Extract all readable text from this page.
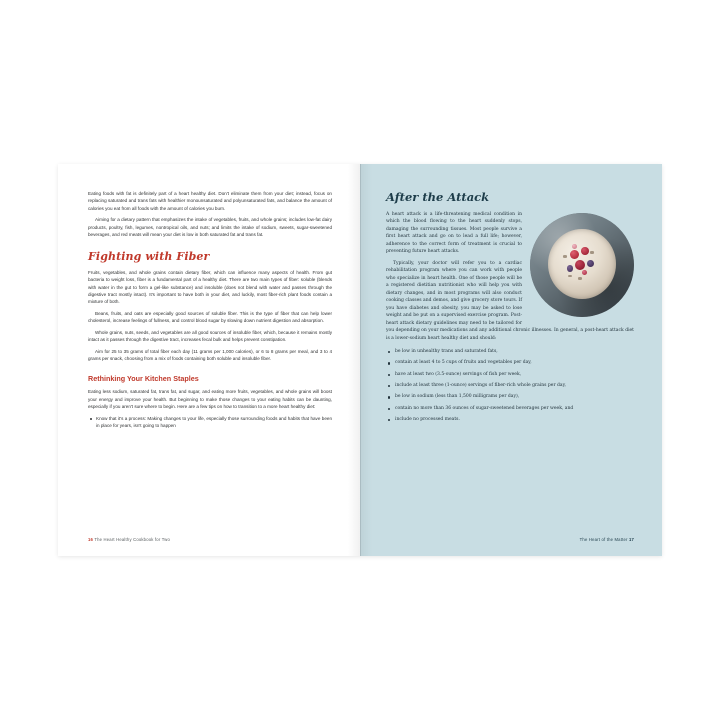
Eating foods with fat is definitely part of a heart healthy diet. Don't eliminate them from your diet; instead, focus on replacing saturated and trans fats with healthier monounsaturated and polyunsaturated fats, and balance the amount of calories you eat from all foods with the amount of calories you burn.

Aiming for a dietary pattern that emphasizes the intake of vegetables, fruits, and whole grains; includes low-fat dairy products, poultry, fish, legumes, nontropical oils, and nuts; and limits the intake of sodium, sweets, sugar-sweetened beverages, and red meats will mean your diet is low in both saturated fat and trans fat.

Fighting with Fiber

Fruits, vegetables, and whole grains contain dietary fiber, which can influence many aspects of health. From gut bacteria to weight loss, fiber is a fundamental part of a healthy diet. There are two main types of fiber: soluble (blends with water in the gut to form a gel-like substance) and insoluble (does not blend with water and passes through the digestive tract mostly intact). It's important to have both in your diet, and luckily, most fiber-rich plant foods contain a mixture of both.

Beans, fruits, and oats are especially good sources of soluble fiber. This is the type of fiber that can help lower cholesterol, increase feelings of fullness, and control blood sugar by slowing down nutrient digestion and absorption.

Whole grains, nuts, seeds, and vegetables are all good sources of insoluble fiber, which, because it remains mostly intact as it passes through the digestive tract, increases fecal bulk and helps prevent constipation.

Aim for 25 to 35 grams of total fiber each day (11 grams per 1,000 calories), or 6 to 8 grams per meal, and 3 to 4 grams per snack, choosing from a mix of foods containing both soluble and insoluble fiber.

Rethinking Your Kitchen Staples

Eating less sodium, saturated fat, trans fat, and sugar, and eating more fruits, vegetables, and whole grains will boost your energy and improve your health. But beginning to make those changes to your eating habits can be daunting, especially if you aren't sure where to begin. Here are a few tips on how to transition to a more heart healthy diet:

Know that it's a process: Making changes to your life, especially those surrounding foods and habits that have been in place for years, isn't going to happen
16 The Heart Healthy Cookbook for Two
After the Attack

A heart attack is a life-threatening medical condition in which the blood flowing to the heart suddenly stops, damaging the surrounding tissues. Most people survive a first heart attack and go on to lead a full life; however, adherence to the correct form of treatment is crucial to preventing future heart attacks.

Typically, your doctor will refer you to a cardiac rehabilitation program where you can work with people who specialize in heart health. One of those people will be a registered dietitian nutritionist who will help you with dietary changes, and in most programs will also conduct cooking classes and demos, and give grocery store tours. If you have diabetes and obesity, you may be asked to lose weight and be put on a supervised exercise program. Post-heart attack dietary guidelines may need to be tailored for you depending on your medications and any additional chronic illnesses. In general, a post-heart attack diet is a lower-sodium heart healthy diet and should:

be low in unhealthy trans and saturated fats,
contain at least 4 to 5 cups of fruits and vegetables per day,
have at least two (3.5-ounce) servings of fish per week,
include at least three (1-ounce) servings of fiber-rich whole grains per day,
be low in sodium (less than 1,500 milligrams per day),
contain no more than 36 ounces of sugar-sweetened beverages per week, and
include no processed meats.
The Heart of the Matter 17
